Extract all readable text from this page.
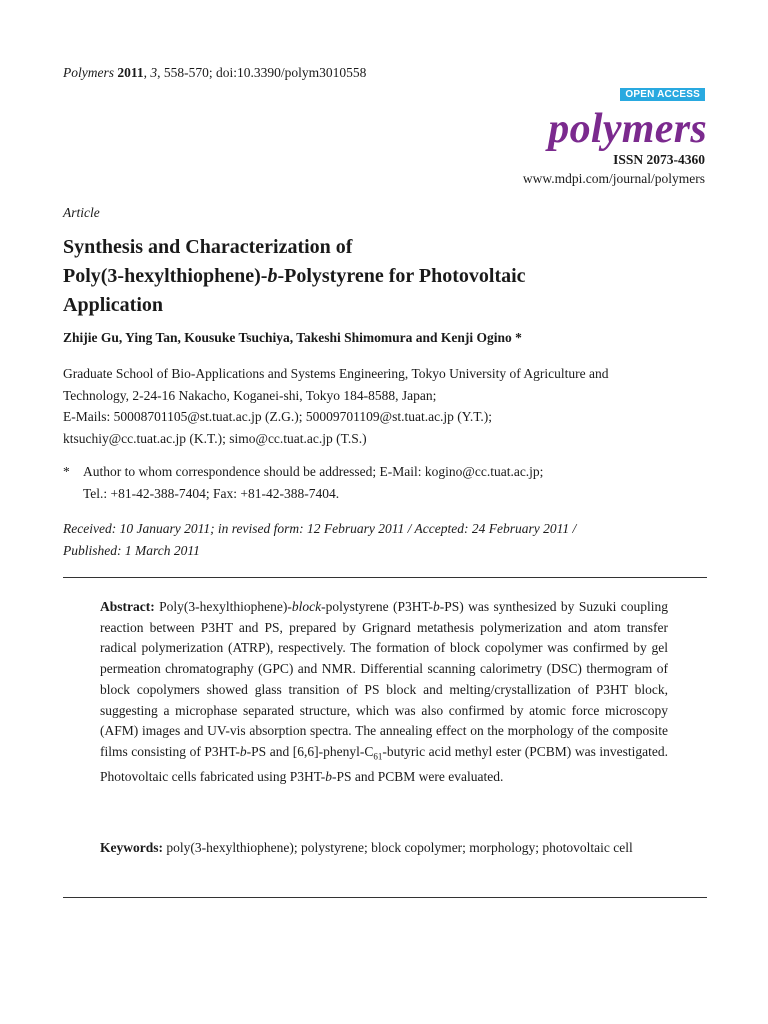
Polymers 2011, 3, 558-570; doi:10.3390/polym3010558
OPEN ACCESS
polymers
ISSN 2073-4360
www.mdpi.com/journal/polymers
Article
Synthesis and Characterization of
Poly(3-hexylthiophene)-b-Polystyrene for Photovoltaic
Application
Zhijie Gu, Ying Tan, Kousuke Tsuchiya, Takeshi Shimomura and Kenji Ogino *
Graduate School of Bio-Applications and Systems Engineering, Tokyo University of Agriculture and
Technology, 2-24-16 Nakacho, Koganei-shi, Tokyo 184-8588, Japan;
E-Mails: 50008701105@st.tuat.ac.jp (Z.G.); 50009701109@st.tuat.ac.jp (Y.T.);
ktsuchiy@cc.tuat.ac.jp (K.T.); simo@cc.tuat.ac.jp (T.S.)
* Author to whom correspondence should be addressed; E-Mail: kogino@cc.tuat.ac.jp;
Tel.: +81-42-388-7404; Fax: +81-42-388-7404.
Received: 10 January 2011; in revised form: 12 February 2011 / Accepted: 24 February 2011 /
Published: 1 March 2011
Abstract: Poly(3-hexylthiophene)-block-polystyrene (P3HT-b-PS) was synthesized by Suzuki coupling reaction between P3HT and PS, prepared by Grignard metathesis polymerization and atom transfer radical polymerization (ATRP), respectively. The formation of block copolymer was confirmed by gel permeation chromatography (GPC) and NMR. Differential scanning calorimetry (DSC) thermogram of block copolymers showed glass transition of PS block and melting/crystallization of P3HT block, suggesting a microphase separated structure, which was also confirmed by atomic force microscopy (AFM) images and UV-vis absorption spectra. The annealing effect on the morphology of the composite films consisting of P3HT-b-PS and $[6,6]-phenyl-C_{61}$-butyric acid methyl ester (PCBM) was investigated. Photovoltaic cells fabricated using P3HT-b-PS and PCBM were evaluated.
Keywords: poly(3-hexylthiophene); polystyrene; block copolymer; morphology; photovoltaic cell
